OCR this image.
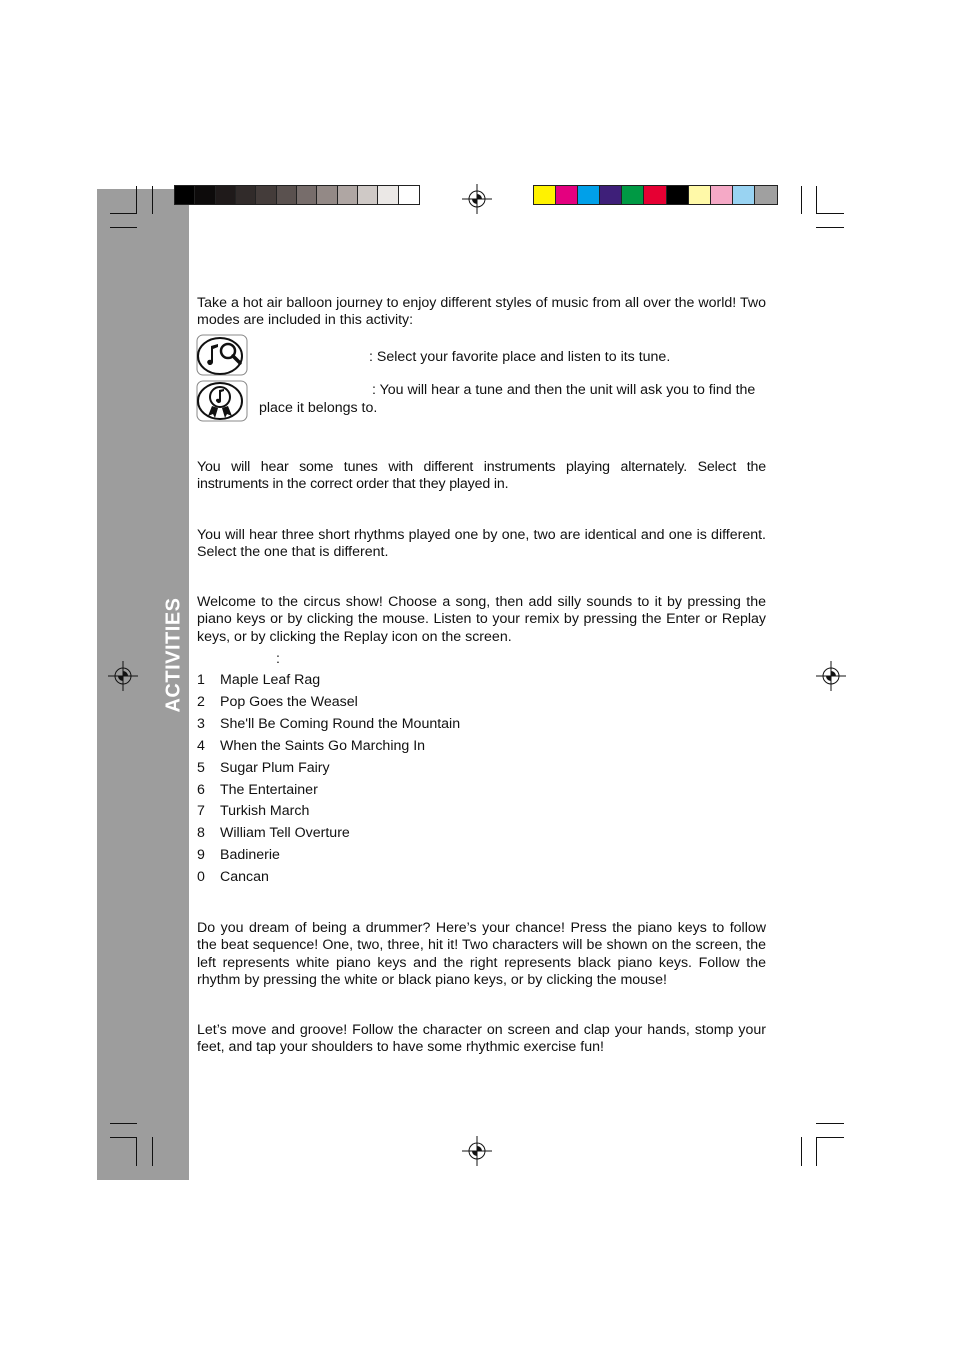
ACTIVITIES

Take a hot air balloon journey to enjoy different styles of music from all over the world! Two modes are included in this activity:

: Select your favorite place and listen to its tune.
: You will hear a tune and then the unit will ask you to find the
place it belongs to.

You will hear some tunes with different instruments playing alternately. Select the instruments in the correct order that they played in.

You will hear three short rhythms played one by one, two are identical and one is different. Select the one that is different.

Welcome to the circus show! Choose a song, then add silly sounds to it by pressing the piano keys or by clicking the mouse. Listen to your remix by pressing the Enter or Replay keys, or by clicking the Replay icon on the screen.

:
1 Maple Leaf Rag
2 Pop Goes the Weasel
3 She'll Be Coming Round the Mountain
4 When the Saints Go Marching In
5 Sugar Plum Fairy
6 The Entertainer
7 Turkish March
8 William Tell Overture
9 Badinerie
0 Cancan

Do you dream of being a drummer? Here’s your chance! Press the piano keys to follow the beat sequence! One, two, three, hit it! Two characters will be shown on the screen, the left represents white piano keys and the right represents black piano keys. Follow the rhythm by pressing the white or black piano keys, or by clicking the mouse!

Let’s move and groove! Follow the character on screen and clap your hands, stomp your feet, and tap your shoulders to have some rhythmic exercise fun!
